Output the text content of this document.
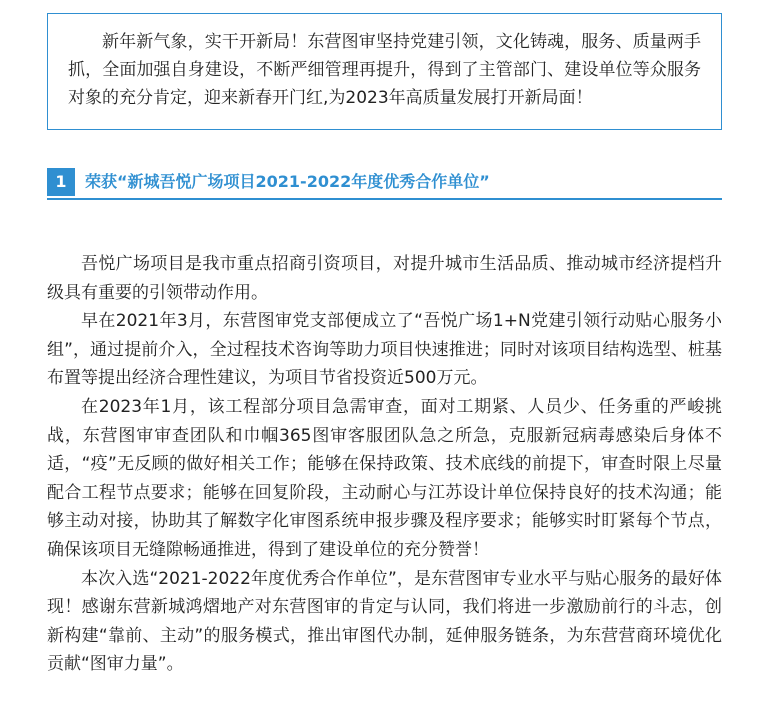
新年新气象，实干开新局！东营图审坚持党建引领，文化铸魂，服务、质量两手抓，全面加强自身建设，不断严细管理再提升，得到了主管部门、建设单位等众服务对象的充分肯定，迎来新春开门红,为2023年高质量发展打开新局面！
1	荣获“新城吾悦广场项目2021-2022年度优秀合作单位”

吾悦广场项目是我市重点招商引资项目，对提升城市生活品质、推动城市经济提档升级具有重要的引领带动作用。

早在2021年3月，东营图审党支部便成立了“吾悦广场1+N党建引领行动贴心服务小组”，通过提前介入，全过程技术咨询等助力项目快速推进；同时对该项目结构选型、桩基布置等提出经济合理性建议，为项目节省投资近500万元。

在2023年1月，该工程部分项目急需审查，面对工期紧、人员少、任务重的严峻挑战，东营图审审查团队和巾帼365图审客服团队急之所急，克服新冠病毒感染后身体不适，“疫”无反顾的做好相关工作；能够在保持政策、技术底线的前提下，审查时限上尽量配合工程节点要求；能够在回复阶段，主动耐心与江苏设计单位保持良好的技术沟通；能够主动对接，协助其了解数字化审图系统申报步骤及程序要求；能够实时盯紧每个节点，确保该项目无缝隙畅通推进，得到了建设单位的充分赞誉！

本次入选“2021-2022年度优秀合作单位”，是东营图审专业水平与贴心服务的最好体现！感谢东营新城鸿熠地产对东营图审的肯定与认同，我们将进一步激励前行的斗志，创新构建“靠前、主动”的服务模式，推出审图代办制，延伸服务链条，为东营营商环境优化贡献“图审力量”。
